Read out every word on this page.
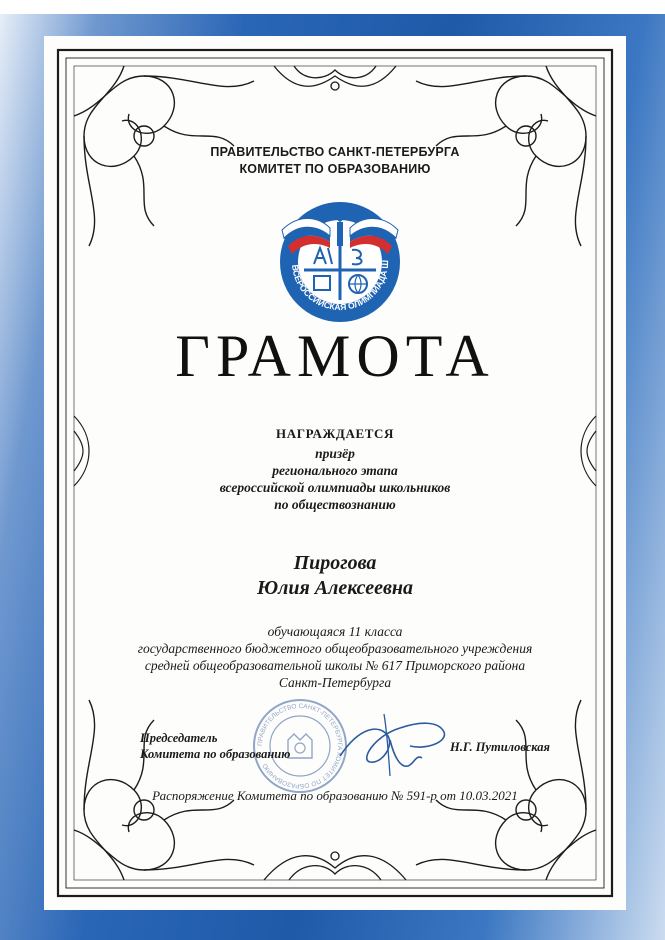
ПРАВИТЕЛЬСТВО САНКТ-ПЕТЕРБУРГА
КОМИТЕТ ПО ОБРАЗОВАНИЮ
ВСЕРОССИЙСКАЯ ОЛИМПИАДА Ш
ГРАМОТА
НАГРАЖДАЕТСЯ
призёр
регионального этапа
всероссийской олимпиады школьников
по обществознанию
Пирогова
Юлия Алексеевна
обучающаяся 11 класса
государственного бюджетного общеобразовательного учреждения
средней общеобразовательной школы № 617 Приморского района
Санкт-Петербурга
ПРАВИТЕЛЬСТВО САНКТ-ПЕТЕРБУРГА КОМИТЕТ ПО ОБРАЗОВАНИЮ
Председатель
Комитета по образованию	Н.Г. Путиловская
Распоряжение Комитета по образованию № 591-р от 10.03.2021
